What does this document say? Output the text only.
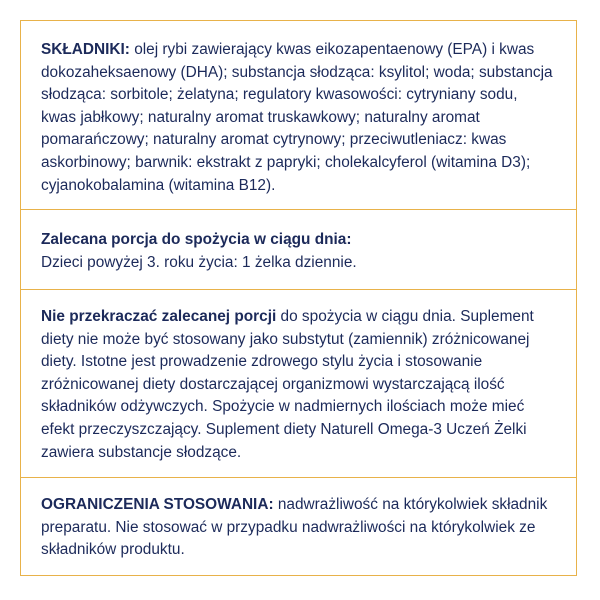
SKŁADNIKI: olej rybi zawierający kwas eikozapentaenowy (EPA) i kwas dokozaheksaenowy (DHA); substancja słodząca: ksylitol; woda; substancja słodząca: sorbitole; żelatyna; regulatory kwasowości: cytryniany sodu, kwas jabłkowy; naturalny aromat truskawkowy; naturalny aromat pomarańczowy; naturalny aromat cytrynowy; przeciwutleniacz: kwas askorbinowy; barwnik: ekstrakt z papryki; cholekalcyferol (witamina D3); cyjanokobalamina (witamina B12).
Zalecana porcja do spożycia w ciągu dnia:
Dzieci powyżej 3. roku życia: 1 żelka dziennie.
Nie przekraczać zalecanej porcji do spożycia w ciągu dnia. Suplement diety nie może być stosowany jako substytut (zamiennik) zróżnicowanej diety. Istotne jest prowadzenie zdrowego stylu życia i stosowanie zróżnicowanej diety dostarczającej organizmowi wystarczającą ilość składników odżywczych. Spożycie w nadmiernych ilościach może mieć efekt przeczyszczający. Suplement diety Naturell Omega-3 Uczeń Żelki zawiera substancje słodzące.
OGRANICZENIA STOSOWANIA: nadwrażliwość na którykolwiek składnik preparatu. Nie stosować w przypadku nadwrażliwości na którykolwiek ze składników produktu.
